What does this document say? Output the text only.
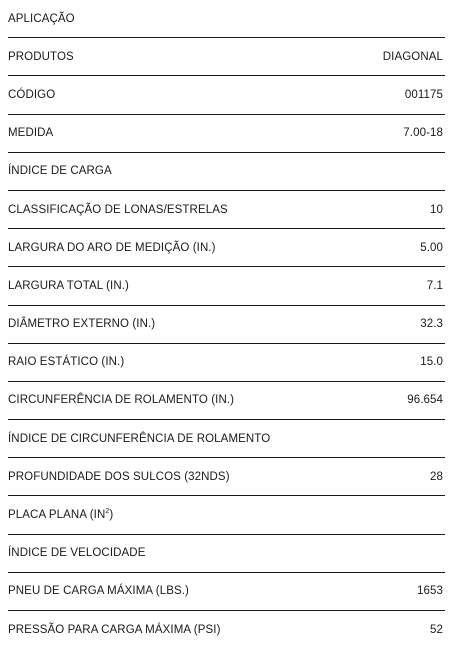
APLICAÇÃO
PRODUTOS	DIAGONAL
CÓDIGO	001175
MEDIDA	7.00-18
ÍNDICE DE CARGA
CLASSIFICAÇÃO DE LONAS/ESTRELAS	10
LARGURA DO ARO DE MEDIÇÃO (IN.)	5.00
LARGURA TOTAL (IN.)	7.1
DIÂMETRO EXTERNO (IN.)	32.3
RAIO ESTÁTICO (IN.)	15.0
CIRCUNFERÊNCIA DE ROLAMENTO (IN.)	96.654
ÍNDICE DE CIRCUNFERÊNCIA DE ROLAMENTO
PROFUNDIDADE DOS SULCOS (32NDS)	28
PLACA PLANA $(IN^2)$
ÍNDICE DE VELOCIDADE
PNEU DE CARGA MÁXIMA (LBS.)	1653
PRESSÃO PARA CARGA MÁXIMA (PSI)	52
